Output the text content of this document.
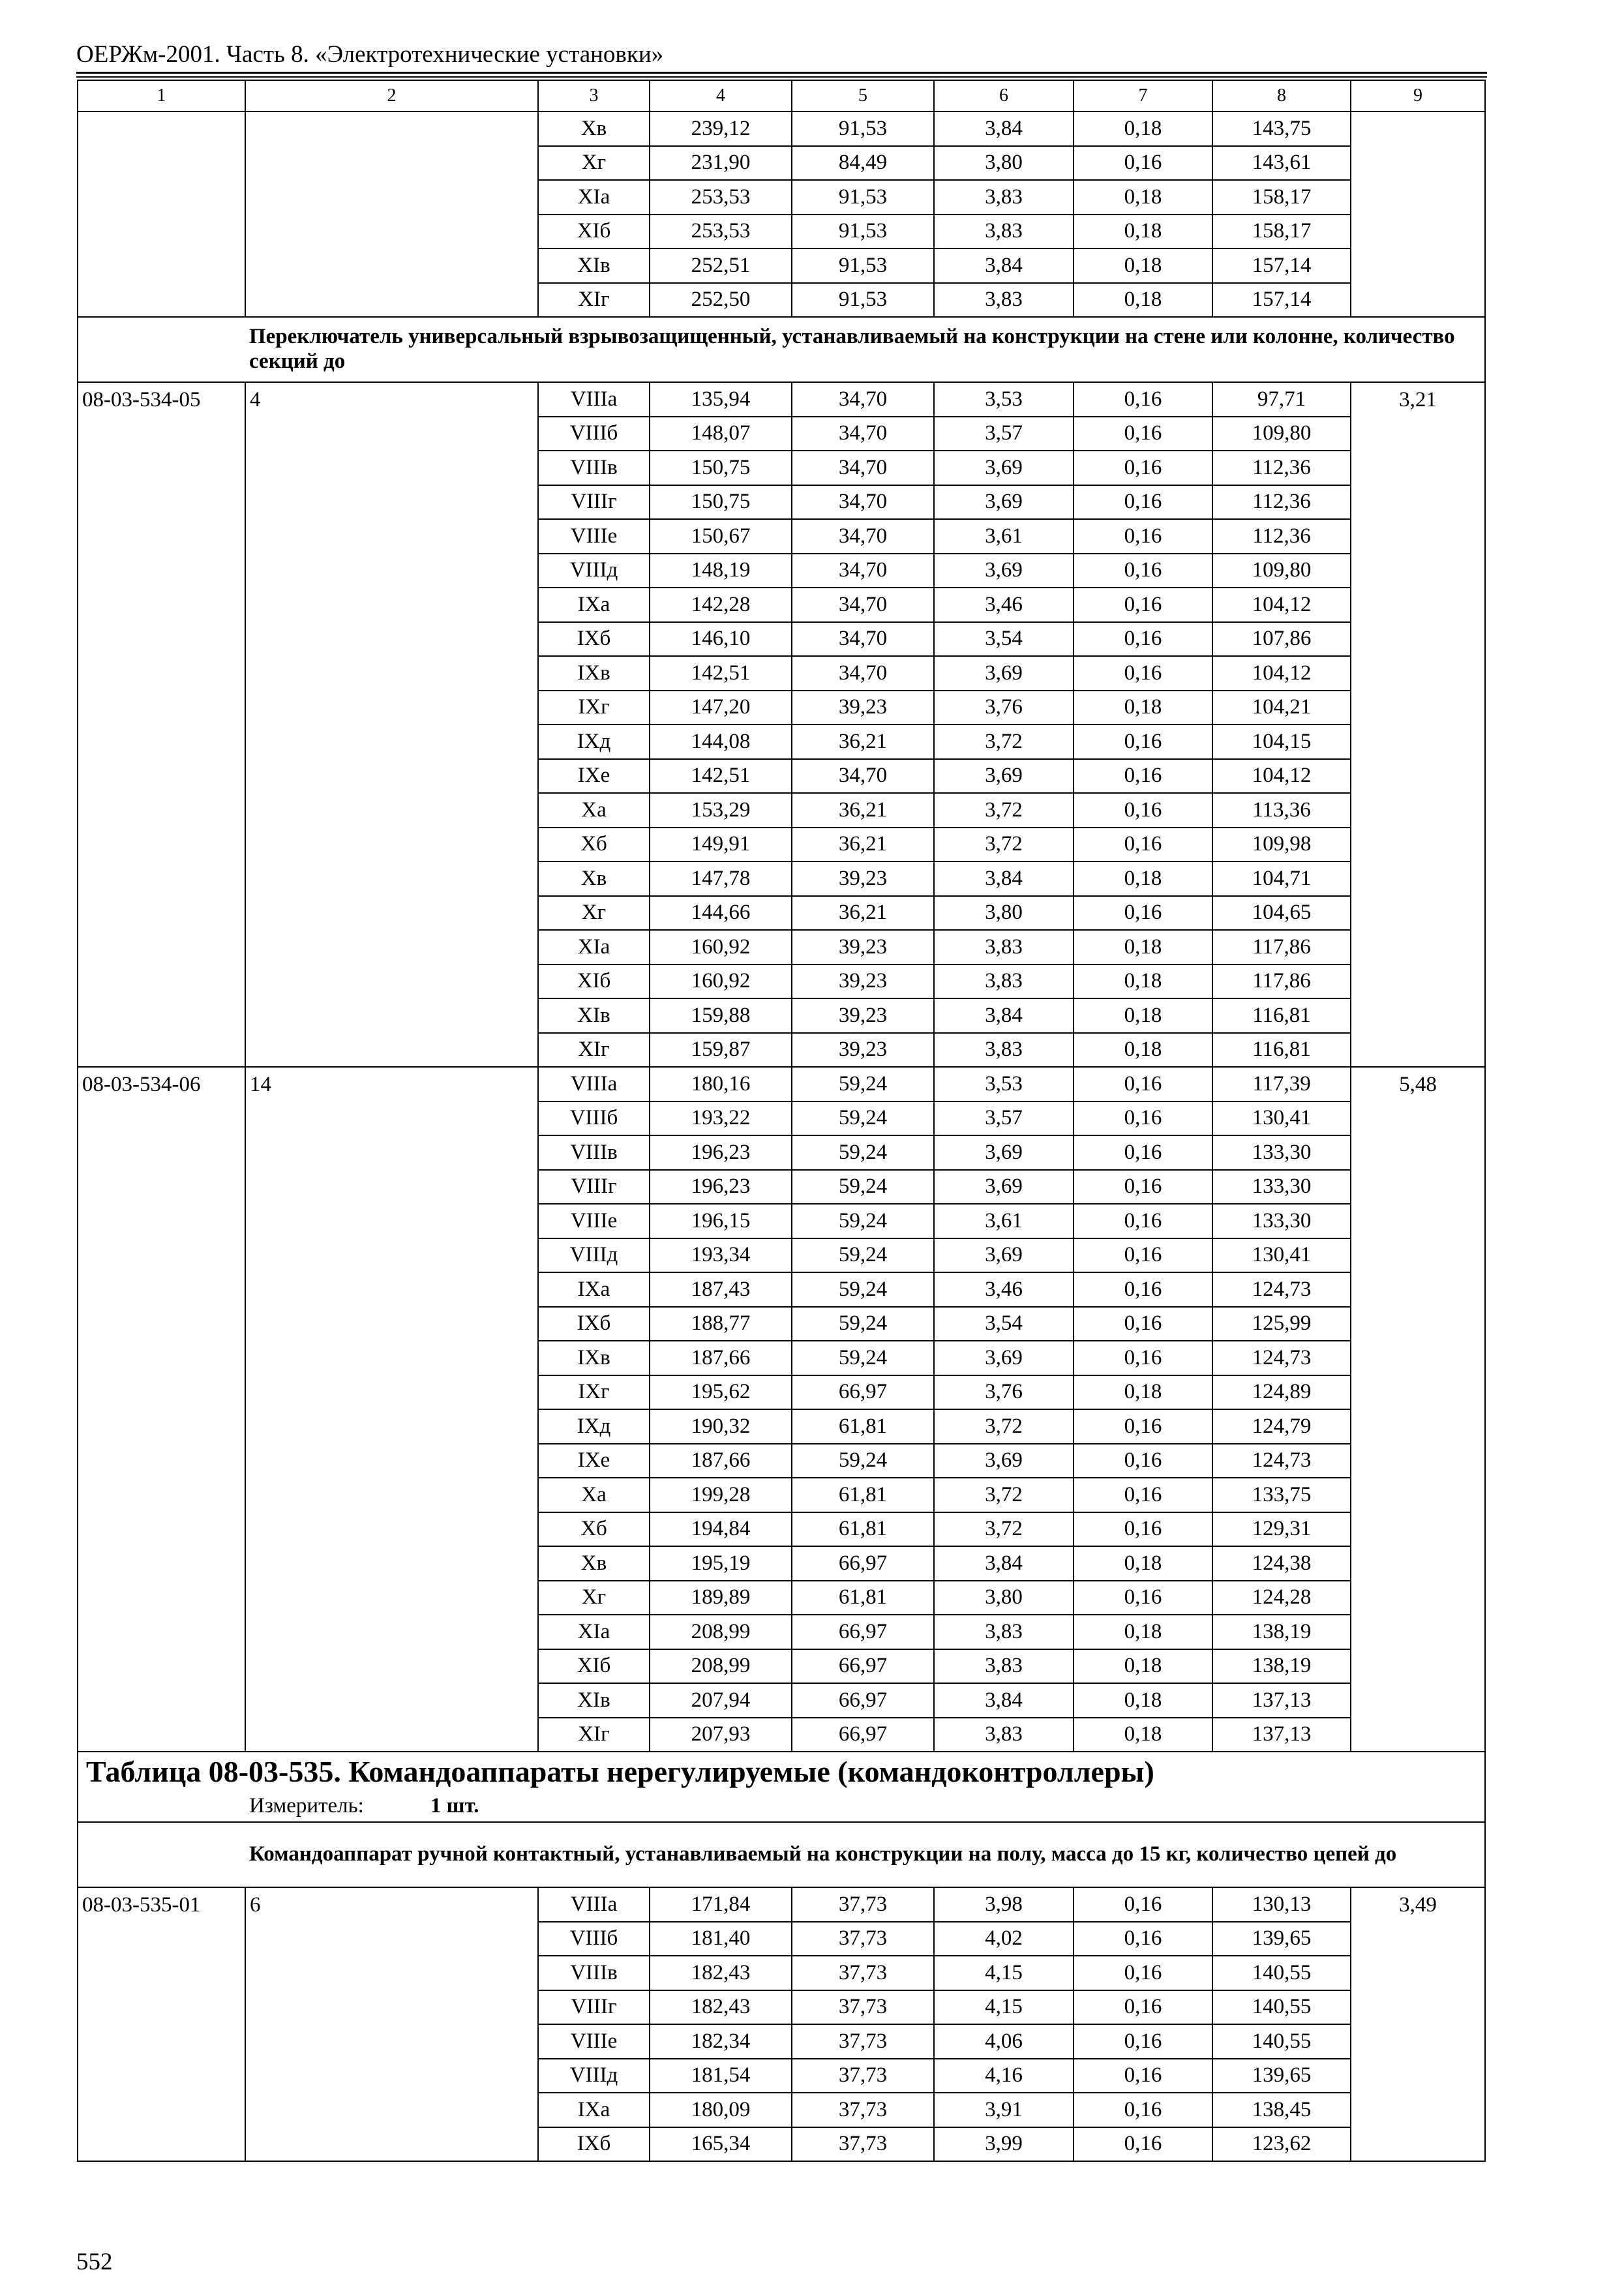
ОЕРЖм-2001. Часть 8. «Электротехнические установки»
1	2	3	4	5	6	7	8	9
		Xв	239,12	91,53	3,84	0,18	143,75	
		Xг	231,90	84,49	3,80	0,16	143,61	
		XIа	253,53	91,53	3,83	0,18	158,17	
		XIб	253,53	91,53	3,83	0,18	158,17	
		XIв	252,51	91,53	3,84	0,18	157,14	
		XIг	252,50	91,53	3,83	0,18	157,14	
	Переключатель универсальный взрывозащищенный, устанавливаемый на конструкции на стене или колонне, количество секций до							
08-03-534-05	4	VIIIа	135,94	34,70	3,53	0,16	97,71	3,21
		VIIIб	148,07	34,70	3,57	0,16	109,80	
		VIIIв	150,75	34,70	3,69	0,16	112,36	
		VIIIг	150,75	34,70	3,69	0,16	112,36	
		VIIIе	150,67	34,70	3,61	0,16	112,36	
		VIIIд	148,19	34,70	3,69	0,16	109,80	
		IXа	142,28	34,70	3,46	0,16	104,12	
		IXб	146,10	34,70	3,54	0,16	107,86	
		IXв	142,51	34,70	3,69	0,16	104,12	
		IXг	147,20	39,23	3,76	0,18	104,21	
		IXд	144,08	36,21	3,72	0,16	104,15	
		IXе	142,51	34,70	3,69	0,16	104,12	
		Xа	153,29	36,21	3,72	0,16	113,36	
		Xб	149,91	36,21	3,72	0,16	109,98	
		Xв	147,78	39,23	3,84	0,18	104,71	
		Xг	144,66	36,21	3,80	0,16	104,65	
		XIа	160,92	39,23	3,83	0,18	117,86	
		XIб	160,92	39,23	3,83	0,18	117,86	
		XIв	159,88	39,23	3,84	0,18	116,81	
		XIг	159,87	39,23	3,83	0,18	116,81	
08-03-534-06	14	VIIIа	180,16	59,24	3,53	0,16	117,39	5,48
		VIIIб	193,22	59,24	3,57	0,16	130,41	
		VIIIв	196,23	59,24	3,69	0,16	133,30	
		VIIIг	196,23	59,24	3,69	0,16	133,30	
		VIIIе	196,15	59,24	3,61	0,16	133,30	
		VIIIд	193,34	59,24	3,69	0,16	130,41	
		IXа	187,43	59,24	3,46	0,16	124,73	
		IXб	188,77	59,24	3,54	0,16	125,99	
		IXв	187,66	59,24	3,69	0,16	124,73	
		IXг	195,62	66,97	3,76	0,18	124,89	
		IXд	190,32	61,81	3,72	0,16	124,79	
		IXе	187,66	59,24	3,69	0,16	124,73	
		Xа	199,28	61,81	3,72	0,16	133,75	
		Xб	194,84	61,81	3,72	0,16	129,31	
		Xв	195,19	66,97	3,84	0,18	124,38	
		Xг	189,89	61,81	3,80	0,16	124,28	
		XIа	208,99	66,97	3,83	0,18	138,19	
		XIб	208,99	66,97	3,83	0,18	138,19	
		XIв	207,94	66,97	3,84	0,18	137,13	
		XIг	207,93	66,97	3,83	0,18	137,13	
Таблица 08-03-535. Командоаппараты нерегулируемые (командоконтроллеры)								
	Измеритель: 1 шт.							
	Командоаппарат ручной контактный, устанавливаемый на конструкции на полу, масса до 15 кг, количество цепей до							
08-03-535-01	6	VIIIа	171,84	37,73	3,98	0,16	130,13	3,49
		VIIIб	181,40	37,73	4,02	0,16	139,65	
		VIIIв	182,43	37,73	4,15	0,16	140,55	
		VIIIг	182,43	37,73	4,15	0,16	140,55	
		VIIIе	182,34	37,73	4,06	0,16	140,55	
		VIIIд	181,54	37,73	4,16	0,16	139,65	
		IXа	180,09	37,73	3,91	0,16	138,45	
		IXб	165,34	37,73	3,99	0,16	123,62	
552
